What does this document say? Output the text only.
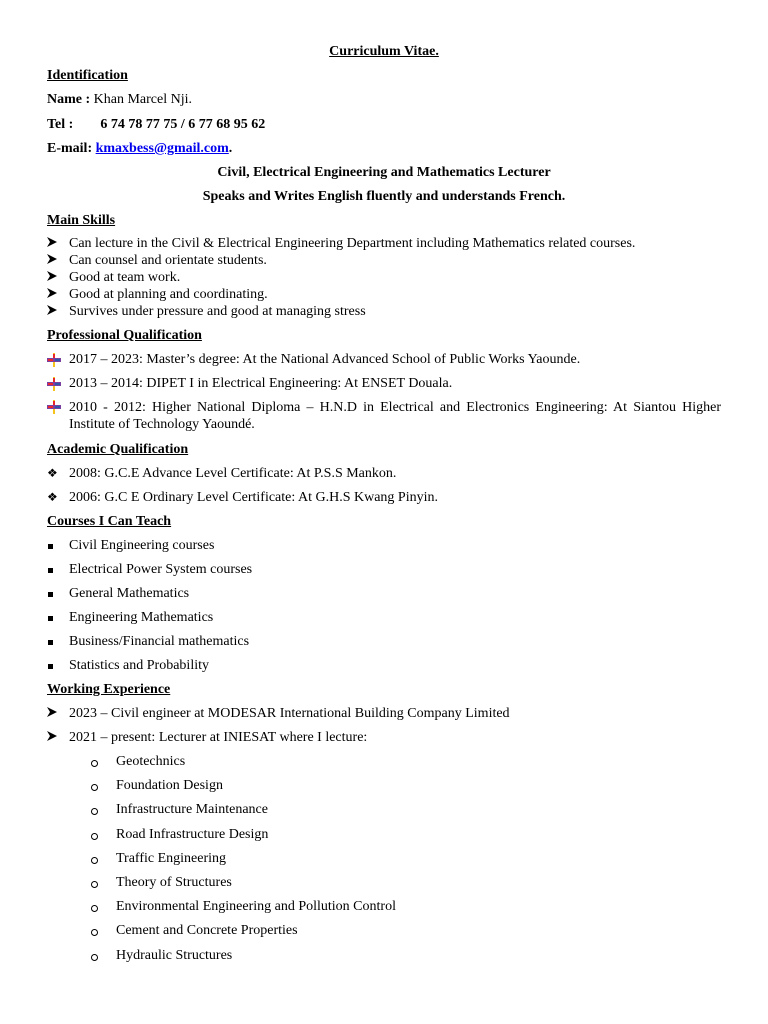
Curriculum Vitae.
Identification
Name : Khan Marcel Nji.
Tel : 6 74 78 77 75 / 6 77 68 95 62
E-mail: kmaxbess@gmail.com.
Civil, Electrical Engineering and Mathematics Lecturer
Speaks and Writes English fluently and understands French.
Main Skills
Can lecture in the Civil & Electrical Engineering Department including Mathematics related courses.
Can counsel and orientate students.
Good at team work.
Good at planning and coordinating.
Survives under pressure and good at managing stress
Professional Qualification
2017 – 2023: Master’s degree: At the National Advanced School of Public Works Yaounde.
2013 – 2014: DIPET I in Electrical Engineering: At ENSET Douala.
2010 - 2012: Higher National Diploma – H.N.D in Electrical and Electronics Engineering: At Siantou Higher Institute of Technology Yaoundé.
Academic Qualification
❖ 2008: G.C.E Advance Level Certificate: At P.S.S Mankon.
❖ 2006: G.C E Ordinary Level Certificate: At G.H.S Kwang Pinyin.
Courses I Can Teach
Civil Engineering courses
Electrical Power System courses
General Mathematics
Engineering Mathematics
Business/Financial mathematics
Statistics and Probability
Working Experience
2023 – Civil engineer at MODESAR International Building Company Limited
2021 – present: Lecturer at INIESAT where I lecture:
Geotechnics
Foundation Design
Infrastructure Maintenance
Road Infrastructure Design
Traffic Engineering
Theory of Structures
Environmental Engineering and Pollution Control
Cement and Concrete Properties
Hydraulic Structures
